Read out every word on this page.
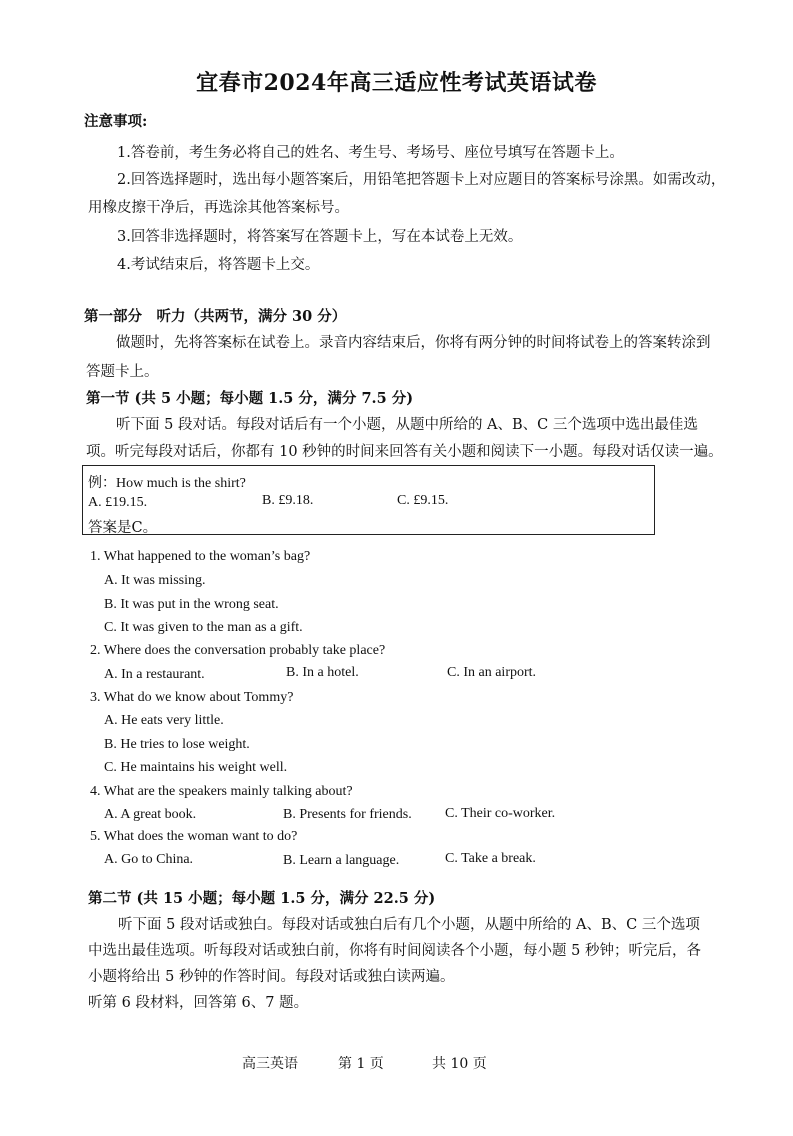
宜春市2024年高三适应性考试英语试卷
注意事项:
1.答卷前，考生务必将自己的姓名、考生号、考场号、座位号填写在答题卡上。
2.回答选择题时，选出每小题答案后，用铅笔把答题卡上对应题目的答案标号涂黑。如需改动，
用橡皮擦干净后，再选涂其他答案标号。
3.回答非选择题时，将答案写在答题卡上，写在本试卷上无效。
4.考试结束后，将答题卡上交。
第一部分　听力（共两节，满分 30 分）
做题时，先将答案标在试卷上。录音内容结束后，你将有两分钟的时间将试卷上的答案转涂到
答题卡上。
第一节 (共 5 小题；每小题 1.5 分，满分 7.5 分)
听下面 5 段对话。每段对话后有一个小题，从题中所给的 A、B、C 三个选项中选出最佳选
项。听完每段对话后，你都有 10 秒钟的时间来回答有关小题和阅读下一小题。每段对话仅读一遍。
例：How much is the shirt?
A. £19.15.	B. £9.18.	C. £9.15.
答案是C。
1. What happened to the woman’s bag?
A. It was missing.
B. It was put in the wrong seat.
C. It was given to the man as a gift.
2. Where does the conversation probably take place?
A. In a restaurant.	B. In a hotel.	C. In an airport.
3. What do we know about Tommy?
A. He eats very little.
B. He tries to lose weight.
C. He maintains his weight well.
4. What are the speakers mainly talking about?
A. A great book.	B. Presents for friends. C. Their co-worker.
5. What does the woman want to do?
A. Go to China.	B. Learn a language.	C. Take a break.
第二节 (共 15 小题；每小题 1.5 分，满分 22.5 分)
听下面 5 段对话或独白。每段对话或独白后有几个小题，从题中所给的 A、B、C 三个选项
中选出最佳选项。听每段对话或独白前，你将有时间阅读各个小题，每小题 5 秒钟；听完后，各
小题将给出 5 秒钟的作答时间。每段对话或独白读两遍。
听第 6 段材料，回答第 6、7 题。
高三英语	第 1 页	共 10 页
